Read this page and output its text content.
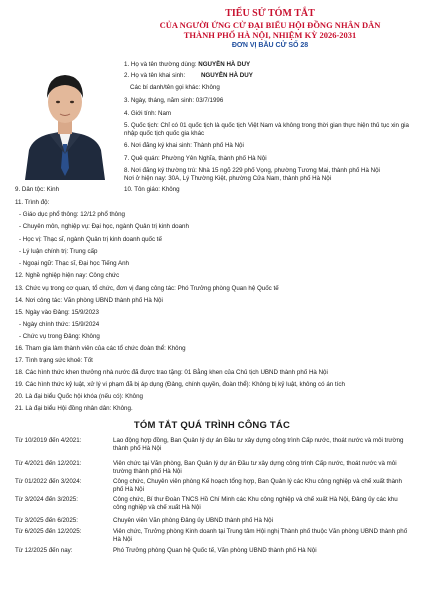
TIỂU SỬ TÓM TẮT
CỦA NGƯỜI ỨNG CỬ ĐẠI BIỂU HỘI ĐỒNG NHÂN DÂN
THÀNH PHỐ HÀ NỘI, NHIỆM KỲ 2026-2031
ĐƠN VỊ BẦU CỬ SỐ 28
1. Họ và tên thường dùng: NGUYỄN HÀ DUY
2. Họ và tên khai sinh: NGUYỄN HÀ DUY
Các bí danh/tên gọi khác: Không
3. Ngày, tháng, năm sinh: 03/7/1996
4. Giới tính: Nam
5. Quốc tịch: Chỉ có 01 quốc tịch là quốc tịch Việt Nam và không trong thời gian thực hiện thủ tục xin gia nhập quốc tịch quốc gia khác
6. Nơi đăng ký khai sinh: Thành phố Hà Nội
7. Quê quán: Phường Yên Nghĩa, thành phố Hà Nội
8. Nơi đăng ký thường trú: Nhà 15 ngõ 229 phố Vọng, phường Tương Mai, thành phố Hà Nội
Nơi ở hiện nay: 30A, Lý Thường Kiệt, phường Cửa Nam, thành phố Hà Nội
9. Dân tộc: Kinh	10. Tôn giáo: Không
11. Trình độ:
- Giáo dục phổ thông: 12/12 phổ thông
- Chuyên môn, nghiệp vụ: Đại học, ngành Quản trị kinh doanh
- Học vị: Thạc sĩ, ngành Quản trị kinh doanh quốc tế
- Lý luận chính trị: Trung cấp
- Ngoại ngữ: Thạc sĩ, Đại học Tiếng Anh
12. Nghề nghiệp hiện nay: Công chức
13. Chức vụ trong cơ quan, tổ chức, đơn vị đang công tác: Phó Trưởng phòng Quan hệ Quốc tế
14. Nơi công tác: Văn phòng UBND thành phố Hà Nội
15. Ngày vào Đảng: 15/9/2023
- Ngày chính thức: 15/9/2024
- Chức vụ trong Đảng: Không
16. Tham gia làm thành viên của các tổ chức đoàn thể: Không
17. Tình trạng sức khoẻ: Tốt
18. Các hình thức khen thưởng nhà nước đã được trao tặng: 01 Bằng khen của Chủ tịch UBND thành phố Hà Nội
19. Các hình thức kỷ luật, xử lý vi phạm đã bị áp dụng (Đảng, chính quyền, đoàn thể): Không bị kỷ luật, không có án tích
20. Là đại biểu Quốc hội khóa (nếu có): Không
21. Là đại biểu Hội đồng nhân dân: Không.
TÓM TẮT QUÁ TRÌNH CÔNG TÁC
Từ 10/2019 đến 4/2021:	Lao động hợp đồng, Ban Quản lý dự án Đầu tư xây dựng công trình Cấp nước, thoát nước và môi trường thành phố Hà Nội
Từ 4/2021 đến 12/2021:	Viên chức tại Văn phòng, Ban Quản lý dự án Đầu tư xây dựng công trình Cấp nước, thoát nước và môi trường thành phố Hà Nội
Từ 01/2022 đến 3/2024:	Công chức, Chuyên viên phòng Kế hoạch tổng hợp, Ban Quản lý các Khu công nghiệp và chế xuất thành phố Hà Nội
Từ 3/2024 đến 3/2025:	Công chức, Bí thư Đoàn TNCS Hồ Chí Minh các Khu công nghiệp và chế xuất Hà Nội, Đảng ủy các khu công nghiệp và chế xuất Hà Nội
Từ 3/2025 đến 6/2025:	Chuyên viên Văn phòng Đảng ủy UBND thành phố Hà Nội
Từ 6/2025 đến 12/2025:	Viên chức, Trưởng phòng Kinh doanh tại Trung tâm Hội nghị Thành phố thuộc Văn phòng UBND thành phố Hà Nội
Từ 12/2025 đến nay:	Phó Trưởng phòng Quan hệ Quốc tế, Văn phòng UBND thành phố Hà Nội
